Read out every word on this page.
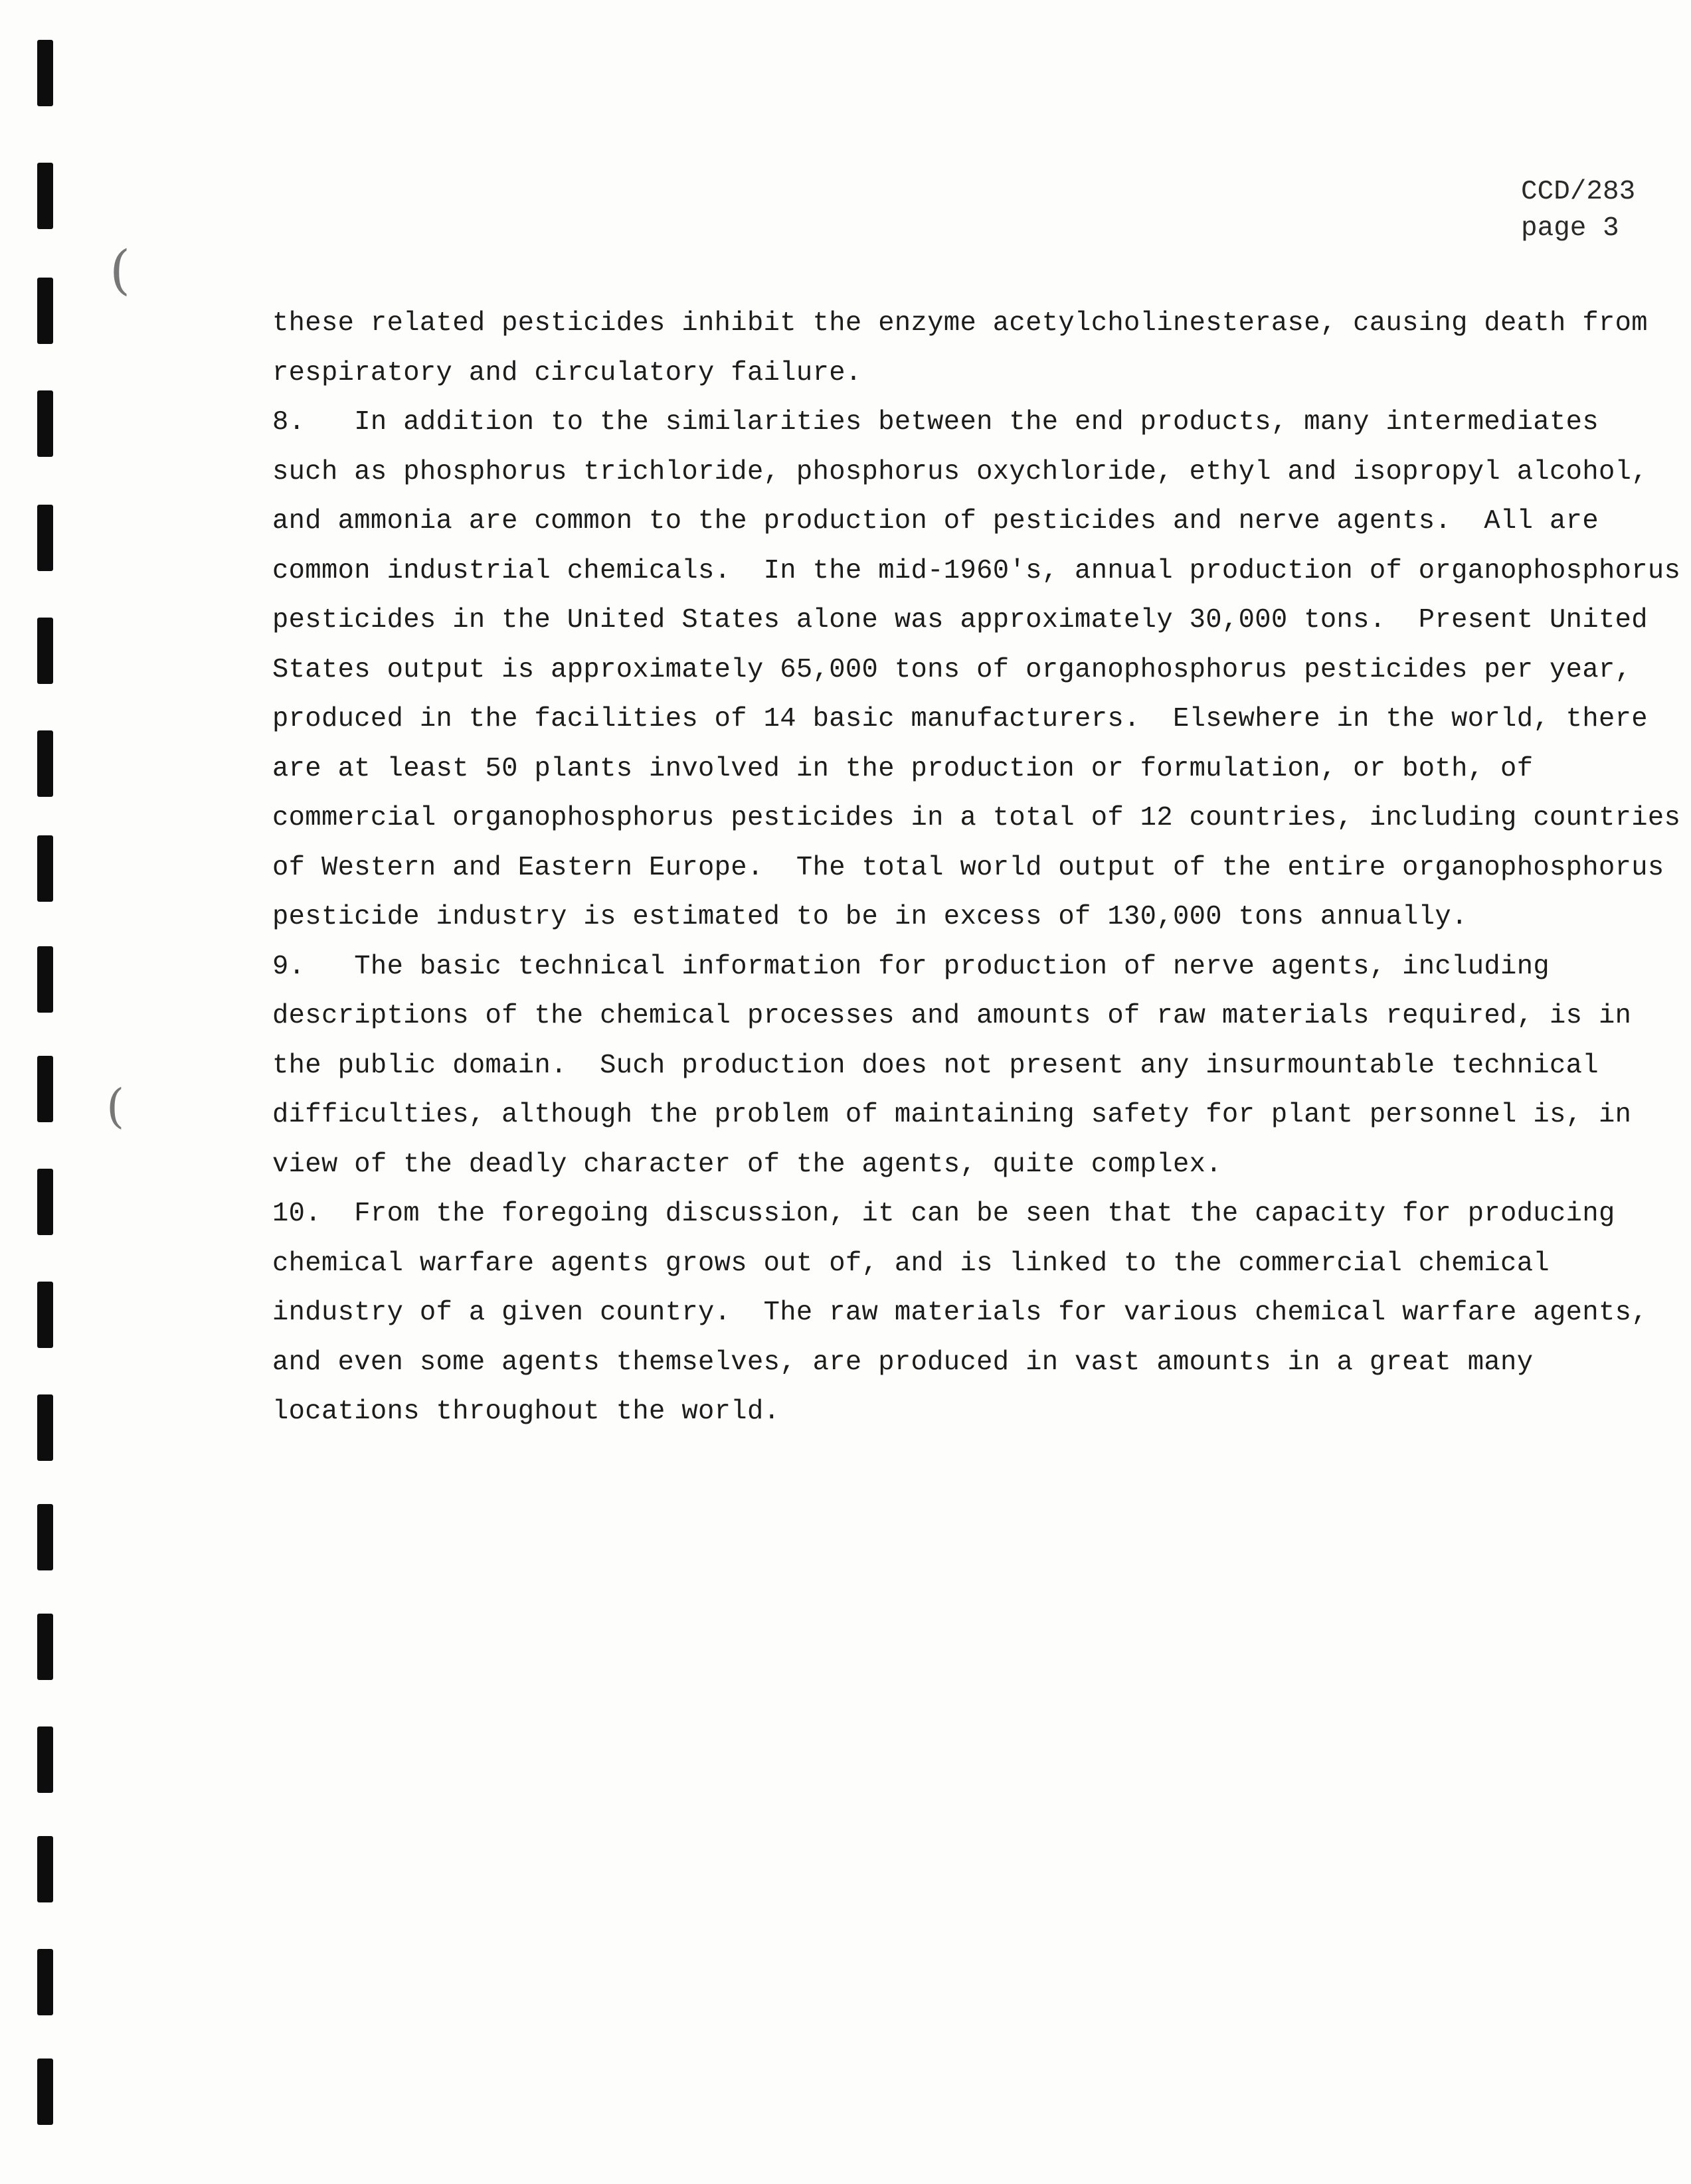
(
(
CCD/283
page 3
these related pesticides inhibit the enzyme acetylcholinesterase, causing death from
respiratory and circulatory failure.
8.   In addition to the similarities between the end products, many intermediates
such as phosphorus trichloride, phosphorus oxychloride, ethyl and isopropyl alcohol,
and ammonia are common to the production of pesticides and nerve agents.  All are
common industrial chemicals.  In the mid-1960's, annual production of organophosphorus
pesticides in the United States alone was approximately 30,000 tons.  Present United
States output is approximately 65,000 tons of organophosphorus pesticides per year,
produced in the facilities of 14 basic manufacturers.  Elsewhere in the world, there
are at least 50 plants involved in the production or formulation, or both, of
commercial organophosphorus pesticides in a total of 12 countries, including countries
of Western and Eastern Europe.  The total world output of the entire organophosphorus
pesticide industry is estimated to be in excess of 130,000 tons annually.
9.   The basic technical information for production of nerve agents, including
descriptions of the chemical processes and amounts of raw materials required, is in
the public domain.  Such production does not present any insurmountable technical
difficulties, although the problem of maintaining safety for plant personnel is, in
view of the deadly character of the agents, quite complex.
10.  From the foregoing discussion, it can be seen that the capacity for producing
chemical warfare agents grows out of, and is linked to the commercial chemical
industry of a given country.  The raw materials for various chemical warfare agents,
and even some agents themselves, are produced in vast amounts in a great many
locations throughout the world.
